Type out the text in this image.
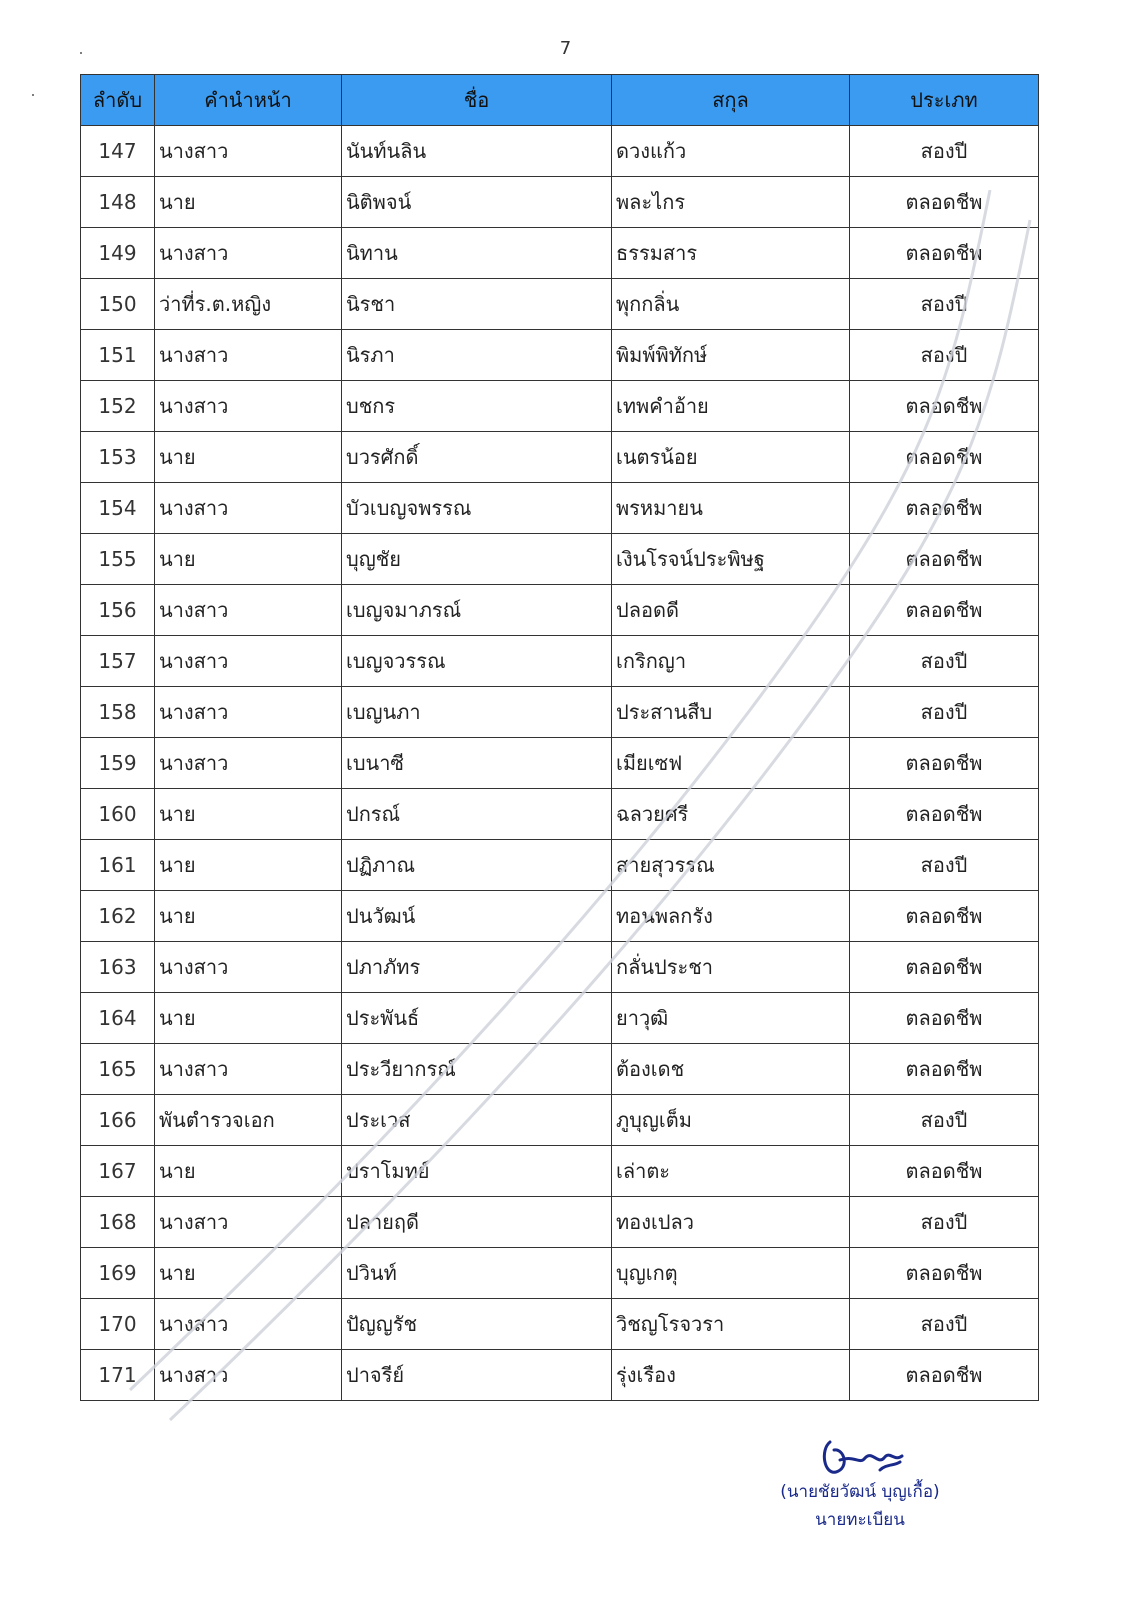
7
ลำดับ	คำนำหน้า	ชื่อ	สกุล	ประเภท
147	นางสาว	นันท์นลิน	ดวงแก้ว	สองปี
148	นาย	นิติพจน์	พละไกร	ตลอดชีพ
149	นางสาว	นิทาน	ธรรมสาร	ตลอดชีพ
150	ว่าที่ร.ต.หญิง	นิรชา	พุกกลิ่น	สองปี
151	นางสาว	นิรภา	พิมพ์พิทักษ์	สองปี
152	นางสาว	บชกร	เทพคำอ้าย	ตลอดชีพ
153	นาย	บวรศักดิ์	เนตรน้อย	ตลอดชีพ
154	นางสาว	บัวเบญจพรรณ	พรหมายน	ตลอดชีพ
155	นาย	บุญชัย	เงินโรจน์ประพิษฐ	ตลอดชีพ
156	นางสาว	เบญจมาภรณ์	ปลอดดี	ตลอดชีพ
157	นางสาว	เบญจวรรณ	เกริกญา	สองปี
158	นางสาว	เบญนภา	ประสานสืบ	สองปี
159	นางสาว	เบนาซี	เมียเซฟ	ตลอดชีพ
160	นาย	ปกรณ์	ฉลวยศรี	ตลอดชีพ
161	นาย	ปฏิภาณ	สายสุวรรณ	สองปี
162	นาย	ปนวัฒน์	ทอนพลกรัง	ตลอดชีพ
163	นางสาว	ปภาภัทร	กลั่นประชา	ตลอดชีพ
164	นาย	ประพันธ์	ยาวุฒิ	ตลอดชีพ
165	นางสาว	ประวียากรณ์	ต้องเดช	ตลอดชีพ
166	พันตำรวจเอก	ประเวส	ภูบุญเต็ม	สองปี
167	นาย	ปราโมทย์	เล่าตะ	ตลอดชีพ
168	นางสาว	ปลายฤดี	ทองเปลว	สองปี
169	นาย	ปวินท์	บุญเกตุ	ตลอดชีพ
170	นางสาว	ปัญญรัช	วิชญโรจวรา	สองปี
171	นางสาว	ปาจรีย์	รุ่งเรือง	ตลอดชีพ
(นายชัยวัฒน์ บุญเกื้อ)
นายทะเบียน
